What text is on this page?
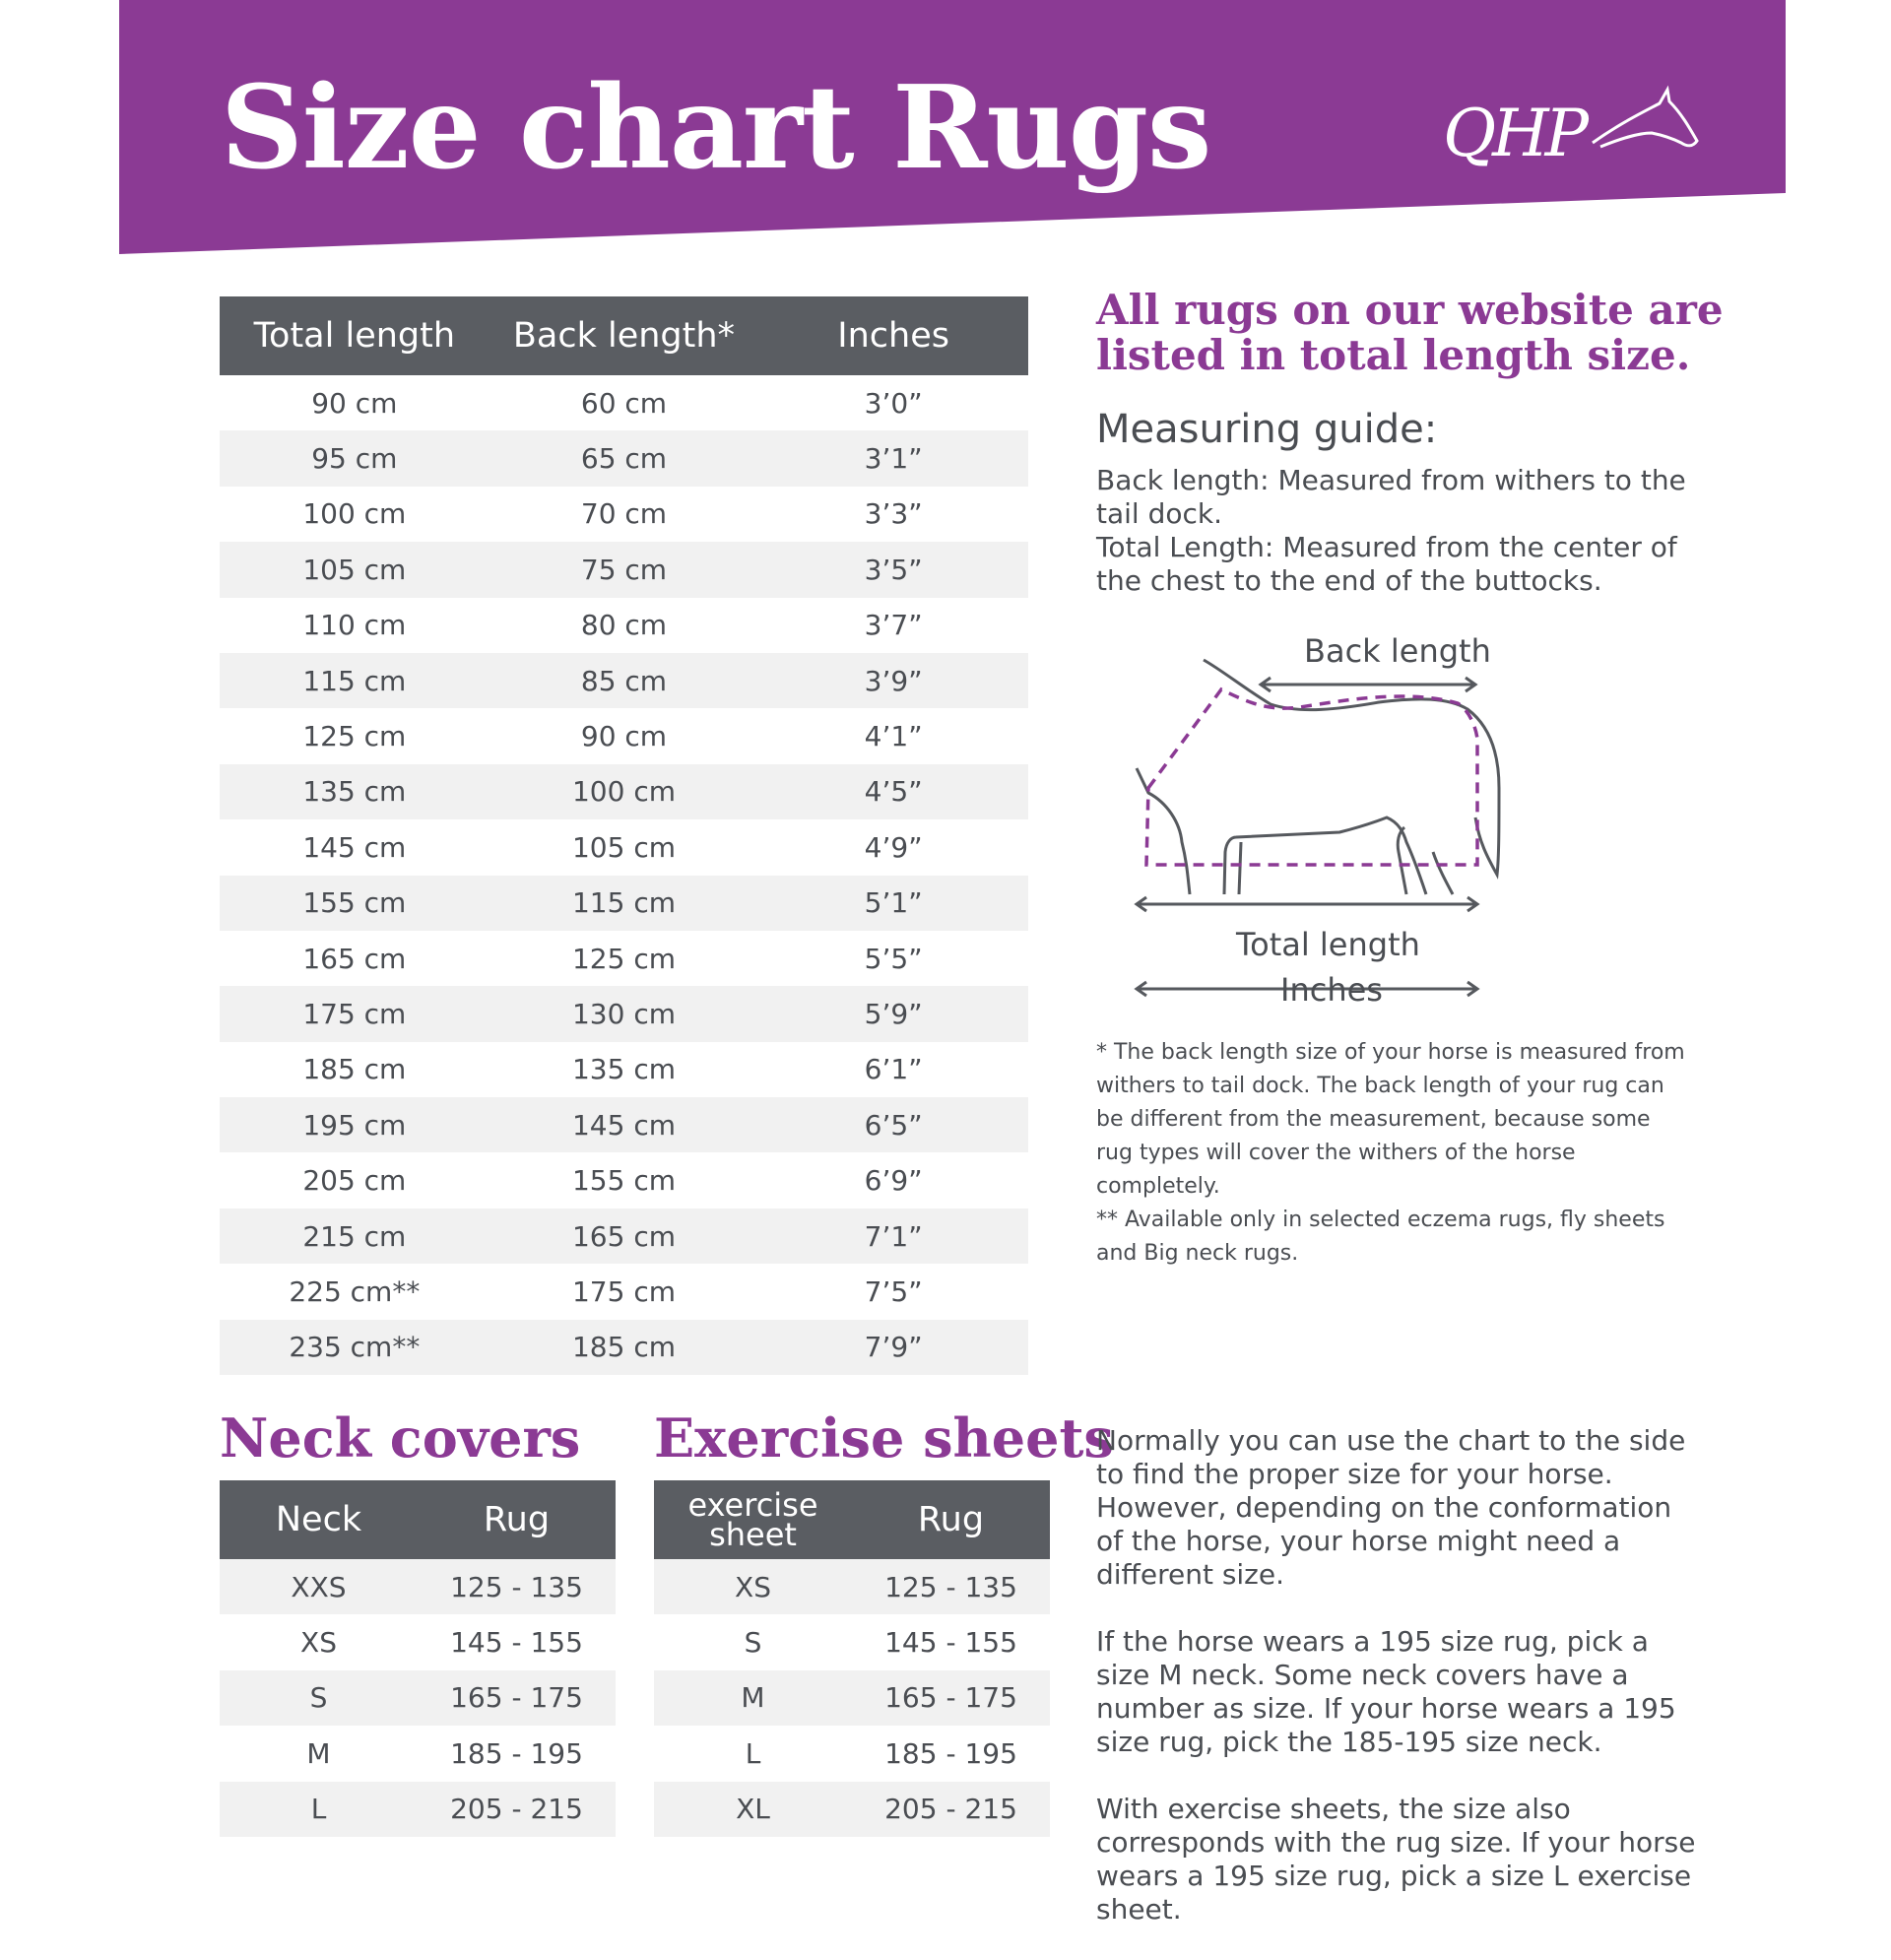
Size chart Rugs	QHP
Total length	Back length*	Inches
90 cm	60 cm	3’0”
95 cm	65 cm	3’1”
100 cm	70 cm	3’3”
105 cm	75 cm	3’5”
110 cm	80 cm	3’7”
115 cm	85 cm	3’9”
125 cm	90 cm	4’1”
135 cm	100 cm	4’5”
145 cm	105 cm	4’9”
155 cm	115 cm	5’1”
165 cm	125 cm	5’5”
175 cm	130 cm	5’9”
185 cm	135 cm	6’1”
195 cm	145 cm	6’5”
205 cm	155 cm	6’9”
215 cm	165 cm	7’1”
225 cm**	175 cm	7’5”
235 cm**	185 cm	7’9”
All rugs on our website are listed in total length size.
Measuring guide:

Back length: Measured from withers to the tail dock.

Total Length: Measured from the center of the chest to the end of the buttocks.

Back length
Total length
Inches

* The back length size of your horse is measured from withers to tail dock. The back length of your rug can be different from the measurement, because some rug types will cover the withers of the horse completely.

** Available only in selected eczema rugs, fly sheets and Big neck rugs.

Neck covers
Neck	Rug
XXS	125 - 135
XS	145 - 155
S	165 - 175
M	185 - 195
L	205 - 215
Exercise sheets
exercise sheet	Rug
XS	125 - 135
S	145 - 155
M	165 - 175
L	185 - 195
XL	205 - 215

Normally you can use the chart to the side to find the proper size for your horse. However, depending on the conformation of the horse, your horse might need a different size.

If the horse wears a 195 size rug, pick a size M neck. Some neck covers have a number as size. If your horse wears a 195 size rug, pick the 185-195 size neck.

With exercise sheets, the size also corresponds with the rug size. If your horse wears a 195 size rug, pick a size L exercise sheet.
